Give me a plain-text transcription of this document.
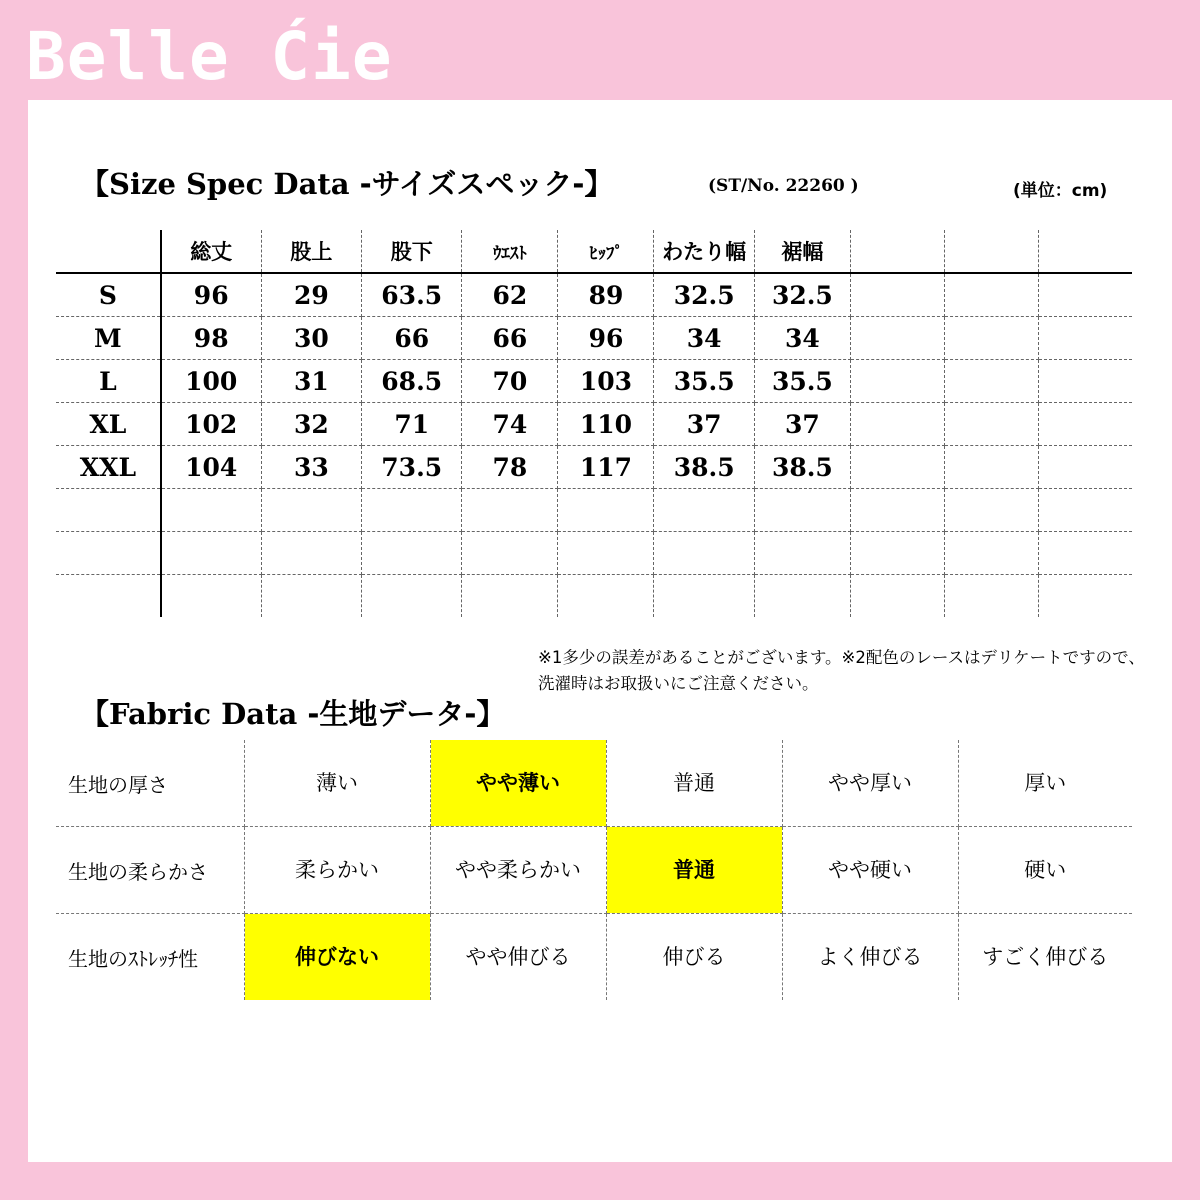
Belle Ćie
【Size Spec Data -サイズスペック-】	(ST/No. 22260 )	(単位：cm)
	総丈	股上	股下	ｳｴｽﾄ	ﾋｯﾌﾟ	わたり幅	裾幅			
S	96	29	63.5	62	89	32.5	32.5			
M	98	30	66	66	96	34	34			
L	100	31	68.5	70	103	35.5	35.5			
XL	102	32	71	74	110	37	37			
XXL	104	33	73.5	78	117	38.5	38.5			

※1多少の誤差があることがございます。※2配色のレースはデリケートですので、洗濯時はお取扱いにご注意ください。
【Fabric Data -生地データ-】
生地の厚さ	薄い	やや薄い	普通	やや厚い	厚い

生地の柔らかさ	柔らかい	やや柔らかい	普通	やや硬い	硬い

生地のｽﾄﾚｯﾁ性	伸びない	やや伸びる	伸びる	よく伸びる	すごく伸びる
